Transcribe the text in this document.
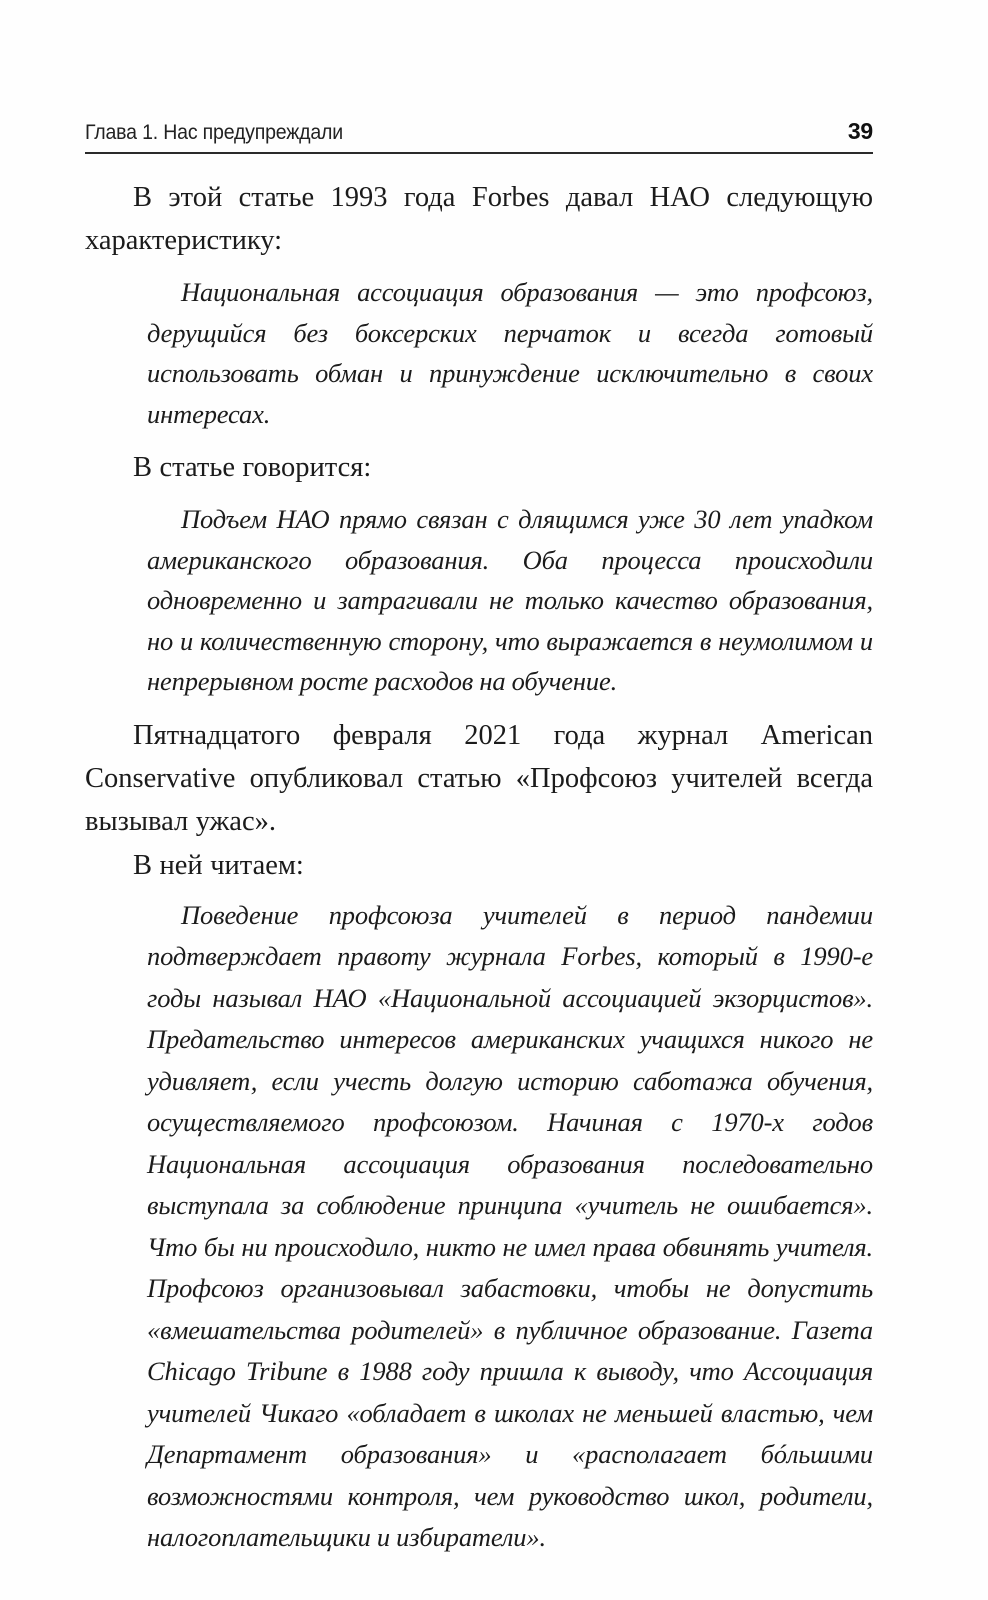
Глава 1. Нас предупреждали	39

В этой статье 1993 года Forbes давал НАО следующую характеристику:

Национальная ассоциация образования — это профсоюз, дерущийся без боксерских перчаток и всегда готовый использовать обман и принуждение исключительно в своих интересах.

В статье говорится:

Подъем НАО прямо связан с длящимся уже 30 лет упадком американского образования. Оба процесса происходили одновременно и затрагивали не только качество образования, но и количественную сторону, что выражается в неумолимом и непрерывном росте расходов на обучение.

Пятнадцатого февраля 2021 года журнал American Conservative опубликовал статью «Профсоюз учителей всегда вызывал ужас».

В ней читаем:

Поведение профсоюза учителей в период пандемии подтверждает правоту журнала Forbes, который в 1990-е годы называл НАО «Национальной ассоциацией экзорцистов». Предательство интересов американских учащихся никого не удивляет, если учесть долгую историю саботажа обучения, осуществляемого профсоюзом. Начиная с 1970-х годов Национальная ассоциация образования последовательно выступала за соблюдение принципа «учитель не ошибается». Что бы ни происходило, никто не имел права обвинять учителя. Профсоюз организовывал забастовки, чтобы не допустить «вмешательства родителей» в публичное образование. Газета Chicago Tribune в 1988 году пришла к выводу, что Ассоциация учителей Чикаго «обладает в школах не меньшей властью, чем Департамент образования» и «располагает бóльшими возможностями контроля, чем руководство школ, родители, налогоплательщики и избиратели».
